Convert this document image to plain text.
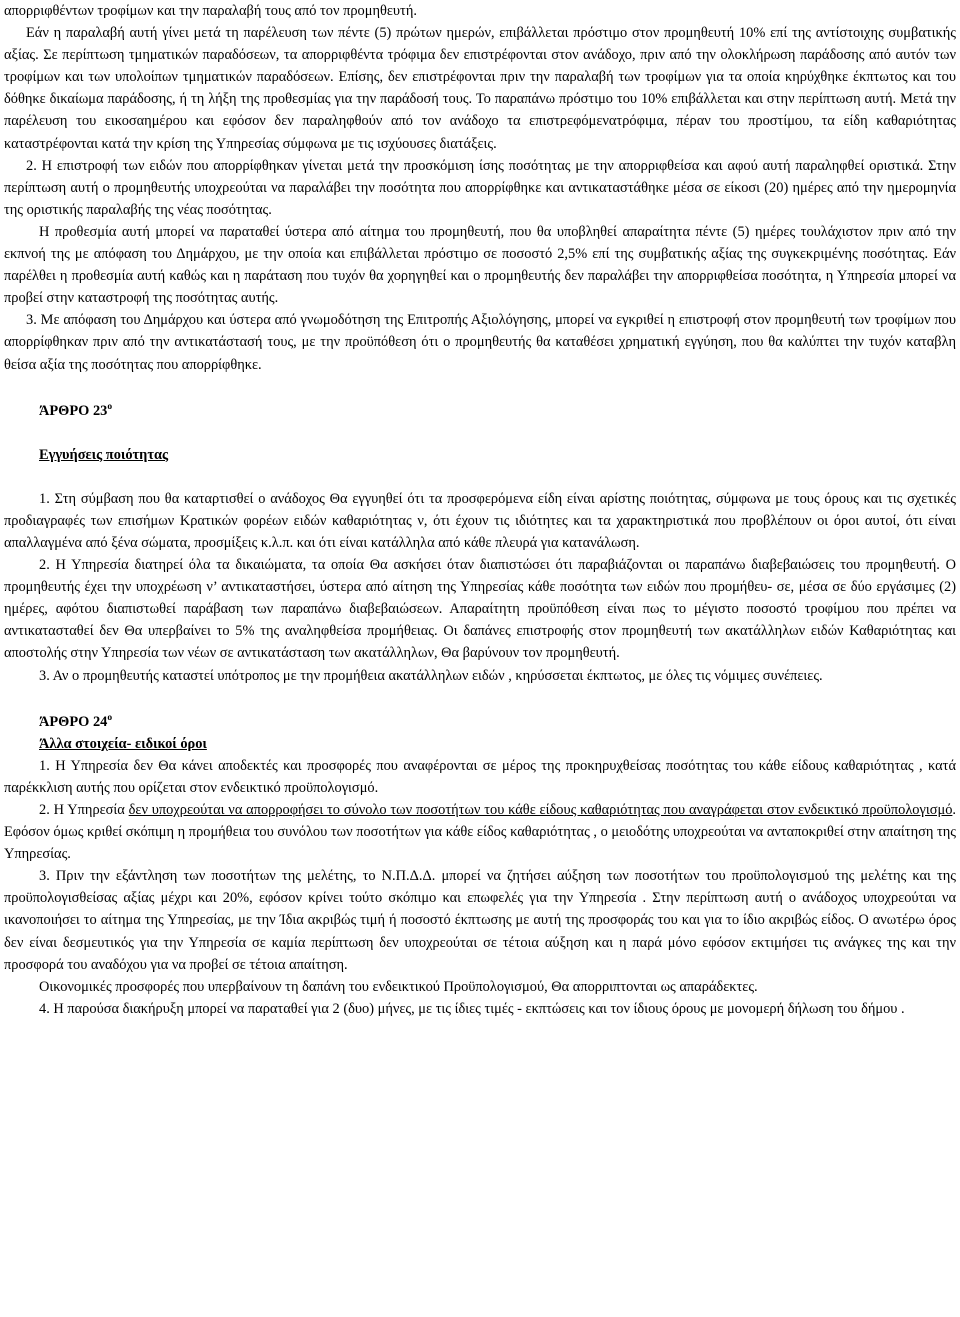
απορριφθέντων τροφίμων και την παραλαβή τους από τον προμηθευτή.

Εάν η παραλαβή αυτή γίνει μετά τη παρέλευση των πέντε (5) πρώτων ημερών, επιβάλλεται πρόστιμο στον προμηθευτή 10% επί της αντίστοιχης συμβατικής αξίας. Σε περίπτωση τμηματικών παραδόσεων, τα απορριφθέντα τρόφιμα δεν επιστρέφονται στον ανάδοχο, πριν από την ολοκλήρωση παράδοσης από αυτόν των τροφίμων και των υπολοίπων τμηματικών παραδόσεων. Επίσης, δεν επιστρέφονται πριν την παραλαβή των τροφίμων για τα οποία κηρύχθηκε έκπτωτος και του δόθηκε δικαίωμα παράδοσης, ή τη λήξη της προθεσμίας για την παράδοσή τους. Το παραπάνω πρόστιμο του 10% επιβάλλεται και στην περίπτωση αυτή. Μετά την παρέλευση του εικοσαημέρου και εφόσον δεν παραληφθούν από τον ανάδοχο τα επιστρεφόμενατρόφιμα, πέραν του προστίμου, τα είδη καθαριότητας καταστρέφονται κατά την κρίση της Υπηρεσίας σύμφωνα με τις ισχύουσες διατάξεις.

2. Η επιστροφή των ειδών που απορρίφθηκαν γίνεται μετά την προσκόμιση ίσης ποσότητας με την απορριφθείσα και αφού αυτή παραληφθεί οριστικά. Στην περίπτωση αυτή ο προμηθευτής υποχρεούται να παραλάβει την ποσότητα που απορρίφθηκε και αντικαταστάθηκε μέσα σε είκοσι (20) ημέρες από την ημερομηνία της οριστικής παραλαβής της νέας ποσότητας.

Η προθεσμία αυτή μπορεί να παραταθεί ύστερα από αίτημα του προμηθευτή, που θα υποβληθεί απαραίτητα πέντε (5) ημέρες τουλάχιστον πριν από την εκπνοή της με απόφαση του Δημάρχου, με την οποία και επιβάλλεται πρόστιμο σε ποσοστό 2,5% επί της συμβατικής αξίας της συγκεκριμένης ποσότητας. Εάν παρέλθει η προθεσμία αυτή καθώς και η παράταση που τυχόν θα χορηγηθεί και ο προμηθευτής δεν παραλάβει την απορριφθείσα ποσότητα, η Υπηρεσία μπορεί να προβεί στην καταστροφή της ποσότητας αυτής.

3. Με απόφαση του Δημάρχου και ύστερα από γνωμοδότηση της Επιτροπής Αξιολόγησης, μπορεί να εγκριθεί η επιστροφή στον προμηθευτή των τροφίμων που απορρίφθηκαν πριν από την αντικατάστασή τους, με την προϋπόθεση ότι ο προμηθευτής θα καταθέσει χρηματική εγγύηση, που θα καλύπτει την τυχόν καταβλη θείσα αξία της ποσότητας που απορρίφθηκε.

ΆΡΘΡΟ $23^o$

Εγγυήσεις ποιότητας

1. Στη σύμβαση που θα καταρτισθεί ο ανάδοχος Θα εγγυηθεί ότι τα προσφερόμενα είδη είναι αρίστης ποιότητας, σύμφωνα με τους όρους και τις σχετικές προδιαγραφές των επισήμων Κρατικών φορέων ειδών καθαριότητας ν, ότι έχουν τις ιδιότητες και τα χαρακτηριστικά που προβλέπουν οι όροι αυτοί, ότι είναι απαλλαγμένα από ξένα σώματα, προσμίξεις κ.λ.π. και ότι είναι κατάλληλα από κάθε πλευρά για κατανάλωση.

2. Η Υπηρεσία διατηρεί όλα τα δικαιώματα, τα οποία Θα ασκήσει όταν διαπιστώσει ότι παραβιάζονται οι παραπάνω διαβεβαιώσεις του προμηθευτή. Ο προμηθευτής έχει την υποχρέωση ν’ αντικαταστήσει, ύστερα από αίτηση της Υπηρεσίας κάθε ποσότητα των ειδών που προμήθευ- σε, μέσα σε δύο εργάσιμες (2) ημέρες, αφότου διαπιστωθεί παράβαση των παραπάνω διαβεβαιώσεων. Απαραίτητη προϋπόθεση είναι πως το μέγιστο ποσοστό τροφίμου που πρέπει να αντικατασταθεί δεν Θα υπερβαίνει το 5% της αναληφθείσα προμήθειας. Οι δαπάνες επιστροφής στον προμηθευτή των ακατάλληλων ειδών Καθαριότητας και αποστολής στην Υπηρεσία των νέων σε αντικατάσταση των ακατάλληλων, Θα βαρύνουν τον προμηθευτή.

3. Αν ο προμηθευτής καταστεί υπότροπος με την προμήθεια ακατάλληλων ειδών , κηρύσσεται έκπτωτος, με όλες τις νόμιμες συνέπειες.

ΆΡΘΡΟ $24^o$

Άλλα στοιχεία- ειδικοί όροι

1. Η Υπηρεσία δεν Θα κάνει αποδεκτές και προσφορές που αναφέρονται σε μέρος της προκηρυχθείσας ποσότητας του κάθε είδους καθαριότητας , κατά παρέκκλιση αυτής που ορίζεται στον ενδεικτικό προϋπολογισμό.

2. Η Υπηρεσία δεν υποχρεούται να απορροφήσει το σύνολο των ποσοτήτων του κάθε είδους καθαριότητας που αναγράφεται στον ενδεικτικό προϋπολογισμό. Εφόσον όμως κριθεί σκόπιμη η προμήθεια του συνόλου των ποσοτήτων για κάθε είδος καθαριότητας , ο μειοδότης υποχρεούται να ανταποκριθεί στην απαίτηση της Υπηρεσίας.

3. Πριν την εξάντληση των ποσοτήτων της μελέτης, το Ν.Π.Δ.Δ. μπορεί να ζητήσει αύξηση των ποσοτήτων του προϋπολογισμού της μελέτης και της προϋπολογισθείσας αξίας μέχρι και 20%, εφόσον κρίνει τούτο σκόπιμο και επωφελές για την Υπηρεσία . Στην περίπτωση αυτή ο ανάδοχος υποχρεούται να ικανοποιήσει το αίτημα της Υπηρεσίας, με την Ίδια ακριβώς τιμή ή ποσοστό έκπτωσης με αυτή της προσφοράς του και για το ίδιο ακριβώς είδος. Ο ανωτέρω όρος δεν είναι δεσμευτικός για την Υπηρεσία σε καμία περίπτωση δεν υποχρεούται σε τέτοια αύξηση και η παρά μόνο εφόσον εκτιμήσει τις ανάγκες της και την προσφορά του αναδόχου για να προβεί σε τέτοια απαίτηση.

Οικονομικές προσφορές που υπερβαίνουν τη δαπάνη του ενδεικτικού Προϋπολογισμού, Θα απορριπτονται ως απαράδεκτες.

4. Η παρούσα διακήρυξη μπορεί να παραταθεί για 2 (δυο) μήνες, με τις ίδιες τιμές - εκπτώσεις και τον ίδιους όρους με μονομερή δήλωση του δήμου .
